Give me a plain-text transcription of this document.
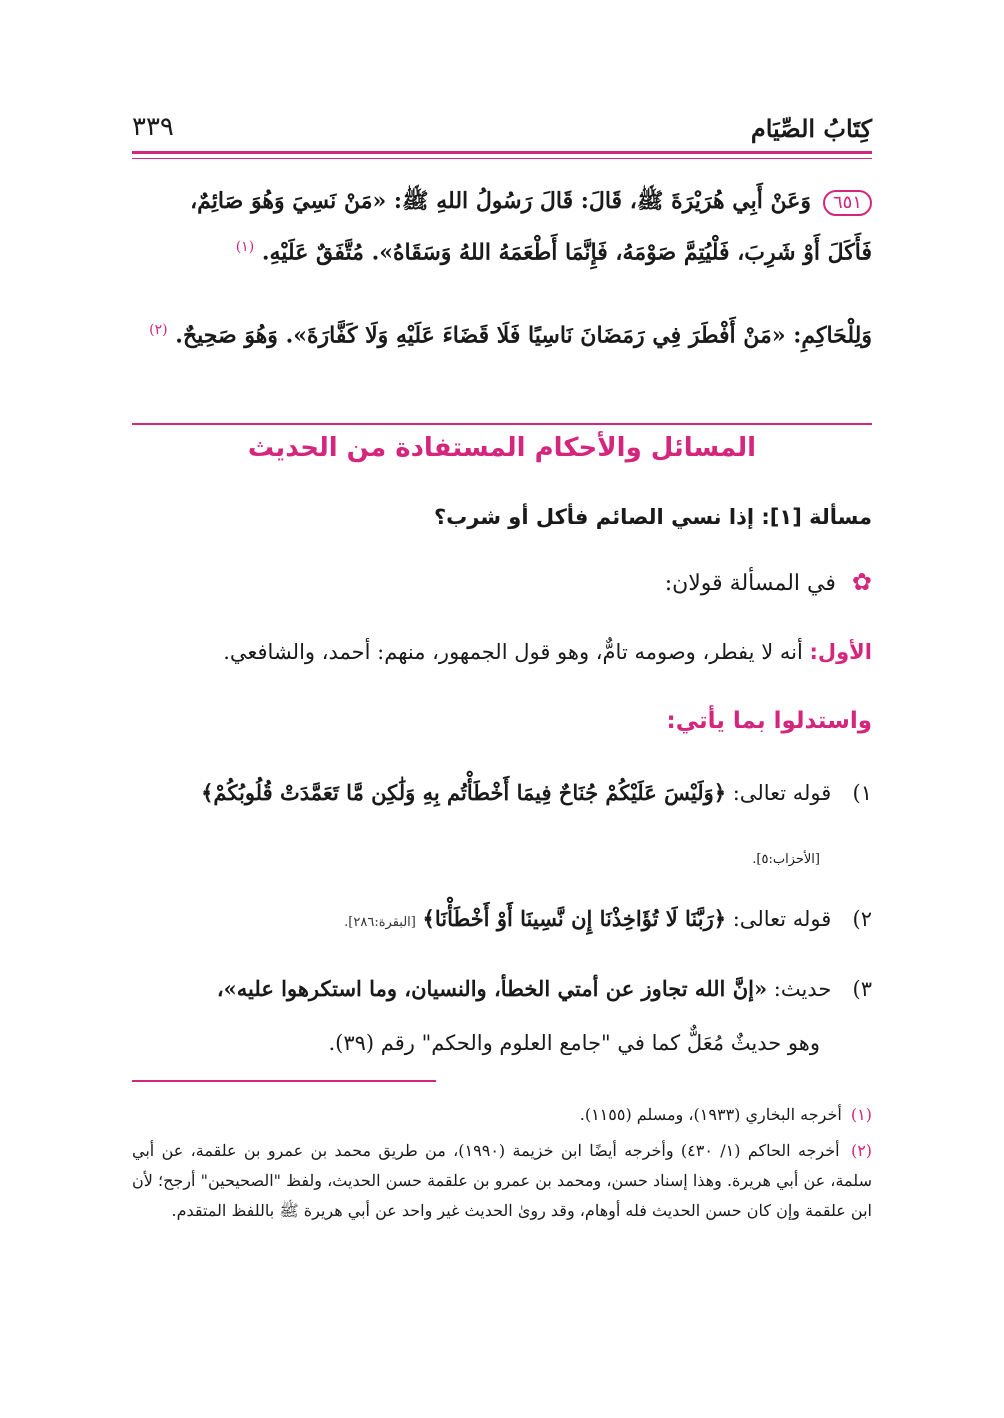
كِتَابُ الصِّيَام
٣٣٩
٦٥١وَعَنْ أَبِي هُرَيْرَةَ ﷺ، قَالَ: قَالَ رَسُولُ اللهِ ﷺ: «مَنْ نَسِيَ وَهُوَ صَائِمٌ،
فَأَكَلَ أَوْ شَرِبَ، فَلْيُتِمَّ صَوْمَهُ، فَإِنَّمَا أَطْعَمَهُ اللهُ وَسَقَاهُ». مُتَّفَقٌ عَلَيْهِ. $^{(١)}$
وَلِلْحَاكِمِ: «مَنْ أَفْطَرَ فِي رَمَضَانَ نَاسِيًا فَلَا قَضَاءَ عَلَيْهِ وَلَا كَفَّارَةَ». وَهُوَ صَحِيحٌ. $^{(٢)}$
المسائل والأحكام المستفادة من الحديث
مسألة [١]: إذا نسي الصائم فأكل أو شرب؟
✿في المسألة قولان:
الأول: أنه لا يفطر، وصومه تامٌّ، وهو قول الجمهور، منهم: أحمد، والشافعي.
واستدلوا بما يأتي:
١) قوله تعالى: ﴿وَلَيْسَ عَلَيْكُمْ جُنَاحٌ فِيمَا أَخْطَأْتُم بِهِ وَلَٰكِن مَّا تَعَمَّدَتْ قُلُوبُكُمْ﴾
[الأحزاب:٥].
٢) قوله تعالى: ﴿رَبَّنَا لَا تُؤَاخِذْنَا إِن نَّسِينَا أَوْ أَخْطَأْنَا﴾ [البقرة:٢٨٦].
٣) حديث: «إنَّ الله تجاوز عن أمتي الخطأ، والنسيان، وما استكرهوا عليه»،
وهو حديثٌ مُعَلٌّ كما في "جامع العلوم والحكم" رقم (٣٩).

(١) أخرجه البخاري (١٩٣٣)، ومسلم (١١٥٥).

(٢) أخرجه الحاكم (١/ ٤٣٠) وأخرجه أيضًا ابن خزيمة (١٩٩٠)، من طريق محمد بن عمرو بن علقمة، عن أبي سلمة، عن أبي هريرة. وهذا إسناد حسن، ومحمد بن عمرو بن علقمة حسن الحديث، ولفظ "الصحيحين" أرجح؛ لأن ابن علقمة وإن كان حسن الحديث فله أوهام، وقد روىٰ الحديث غير واحد عن أبي هريرة ﷺ باللفظ المتقدم.
